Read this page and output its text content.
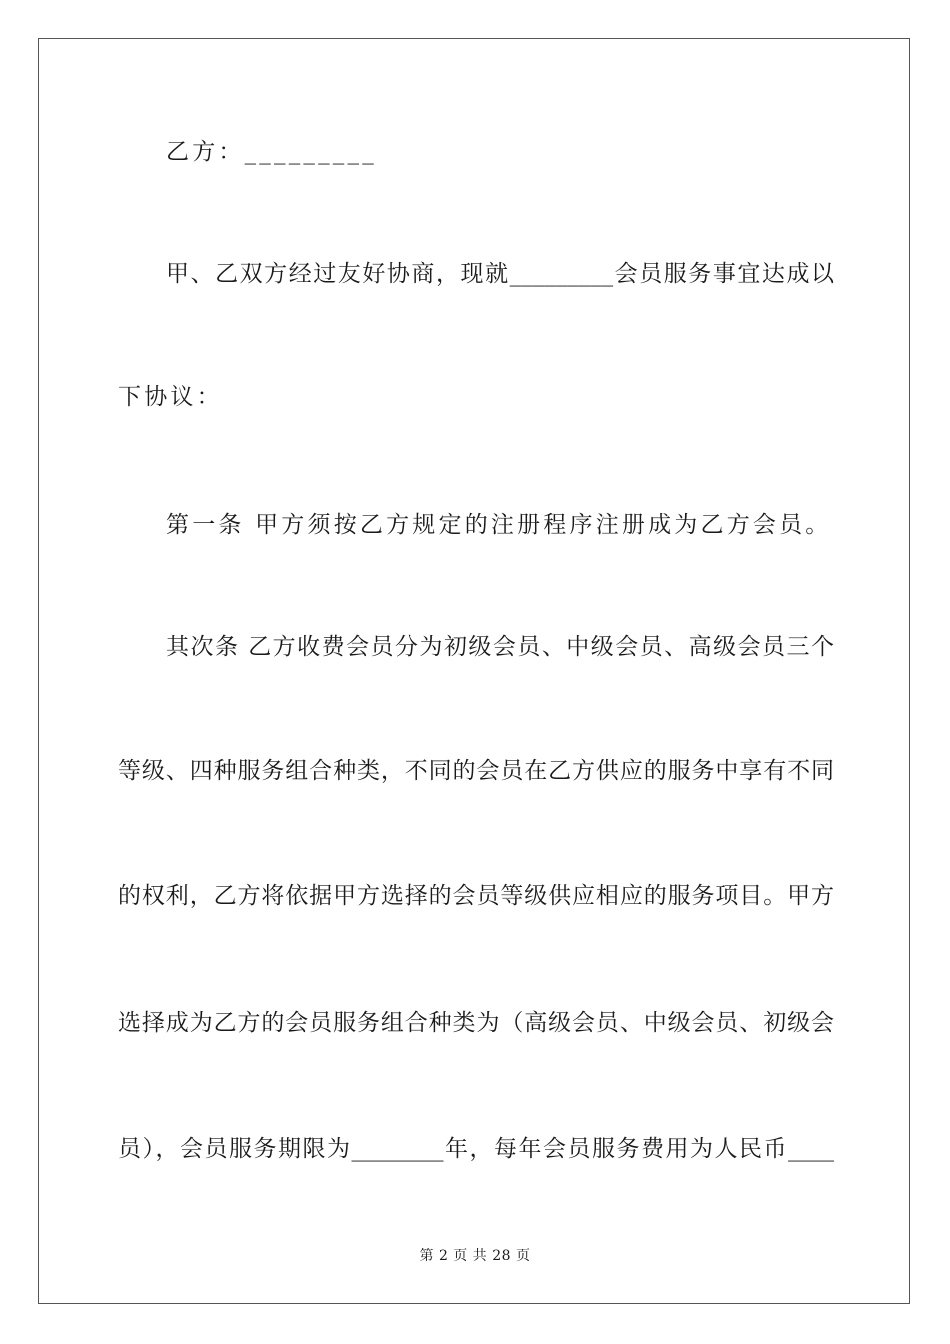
乙方：_________
甲、乙双方经过友好协商，现就_________会员服务事宜达成以
下协议：
第一条 甲方须按乙方规定的注册程序注册成为乙方会员。
其次条 乙方收费会员分为初级会员、中级会员、高级会员三个
等级、四种服务组合种类，不同的会员在乙方供应的服务中享有不同
的权利，乙方将依据甲方选择的会员等级供应相应的服务项目。甲方
选择成为乙方的会员服务组合种类为（高级会员、中级会员、初级会
员），会员服务期限为________年，每年会员服务费用为人民币____
第 2 页 共 28 页
